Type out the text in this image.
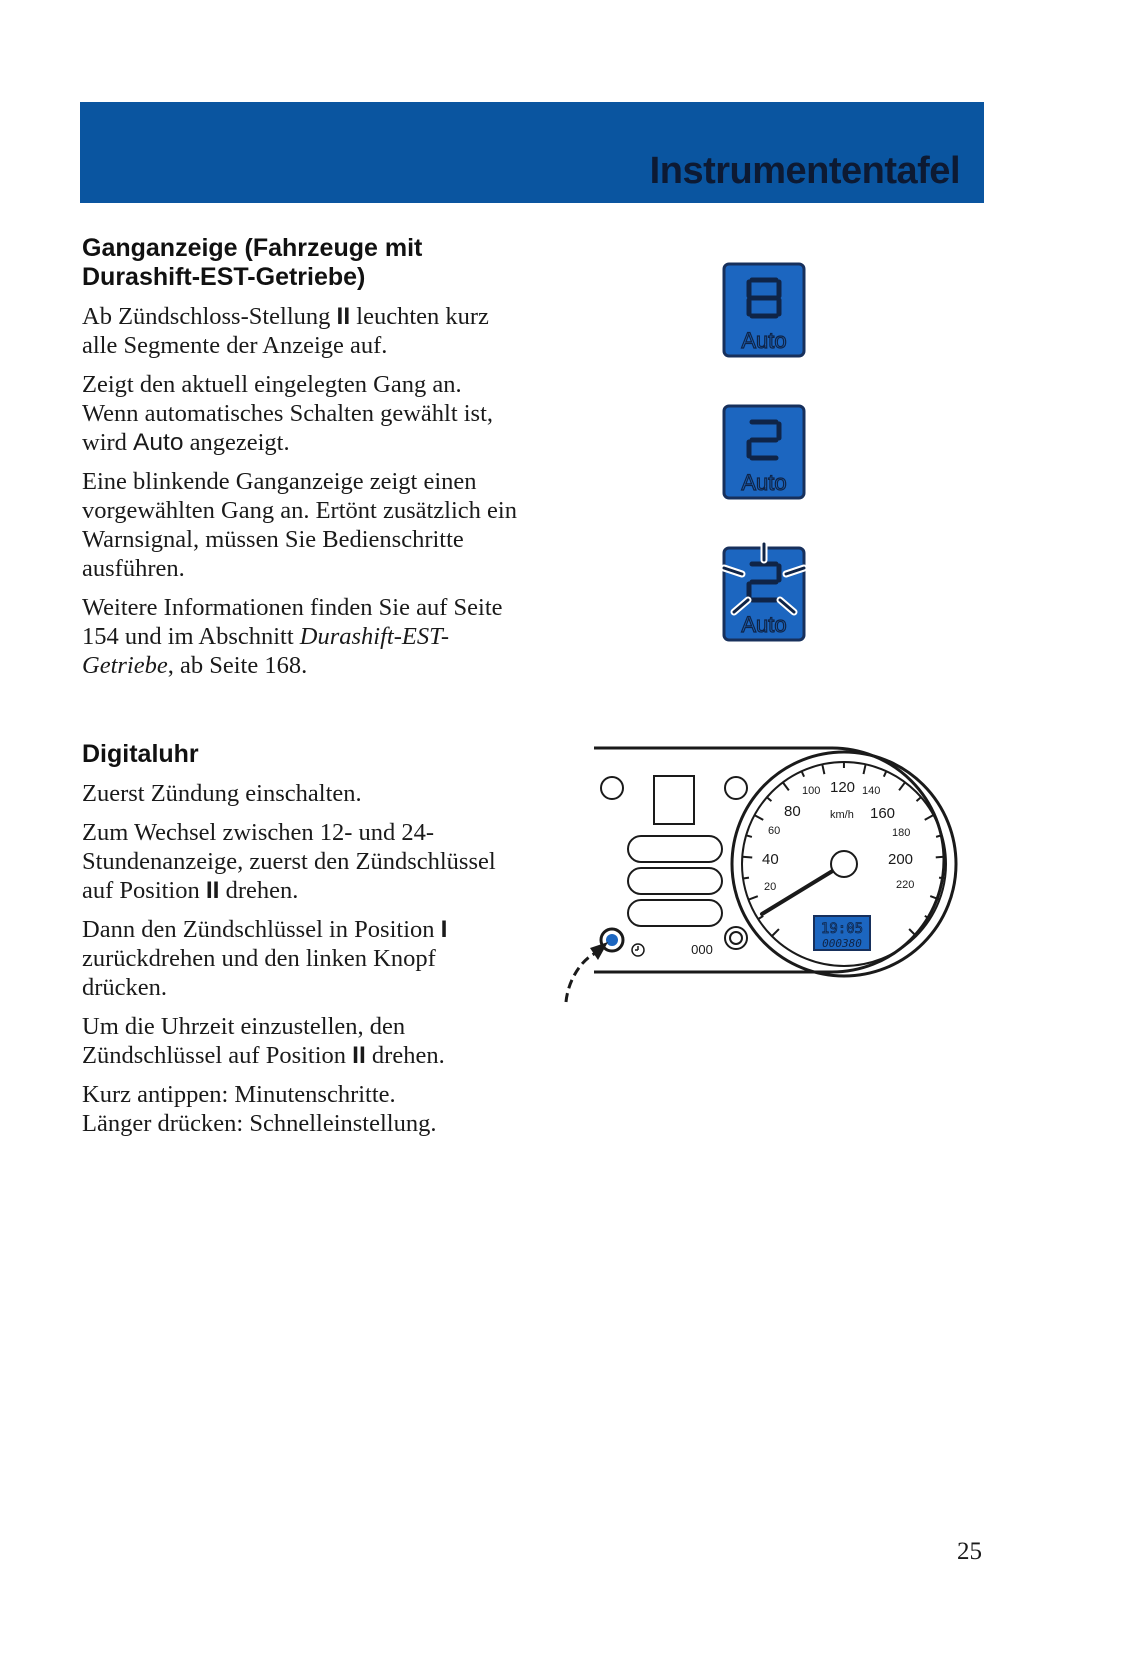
Instrumententafel
Ganganzeige (Fahrzeuge mit Durashift-EST-Getriebe)

Ab Zündschloss-Stellung II leuchten kurz alle Segmente der Anzeige auf.

Zeigt den aktuell eingelegten Gang an.
Wenn automatisches Schalten gewählt ist, wird Auto angezeigt.

Eine blinkende Ganganzeige zeigt einen vorgewählten Gang an. Ertönt zusätzlich ein Warnsignal, müssen Sie Bedienschritte ausführen.

Weitere Informationen finden Sie auf Seite 154 und im Abschnitt Durashift-EST-Getriebe, ab Seite 168.

Digitaluhr

Zuerst Zündung einschalten.

Zum Wechsel zwischen 12- und 24-Stundenanzeige, zuerst den Zündschlüssel auf Position II drehen.

Dann den Zündschlüssel in Position I zurückdrehen und den linken Knopf drücken.

Um die Uhrzeit einzustellen, den Zündschlüssel auf Position II drehen.

Kurz antippen: Minutenschritte.
Länger drücken: Schnelleinstellung.

Auto
Auto
Auto
000
100 120 140
160
180
200
220
80
60
40
20
km/h
19:05
000380
25
